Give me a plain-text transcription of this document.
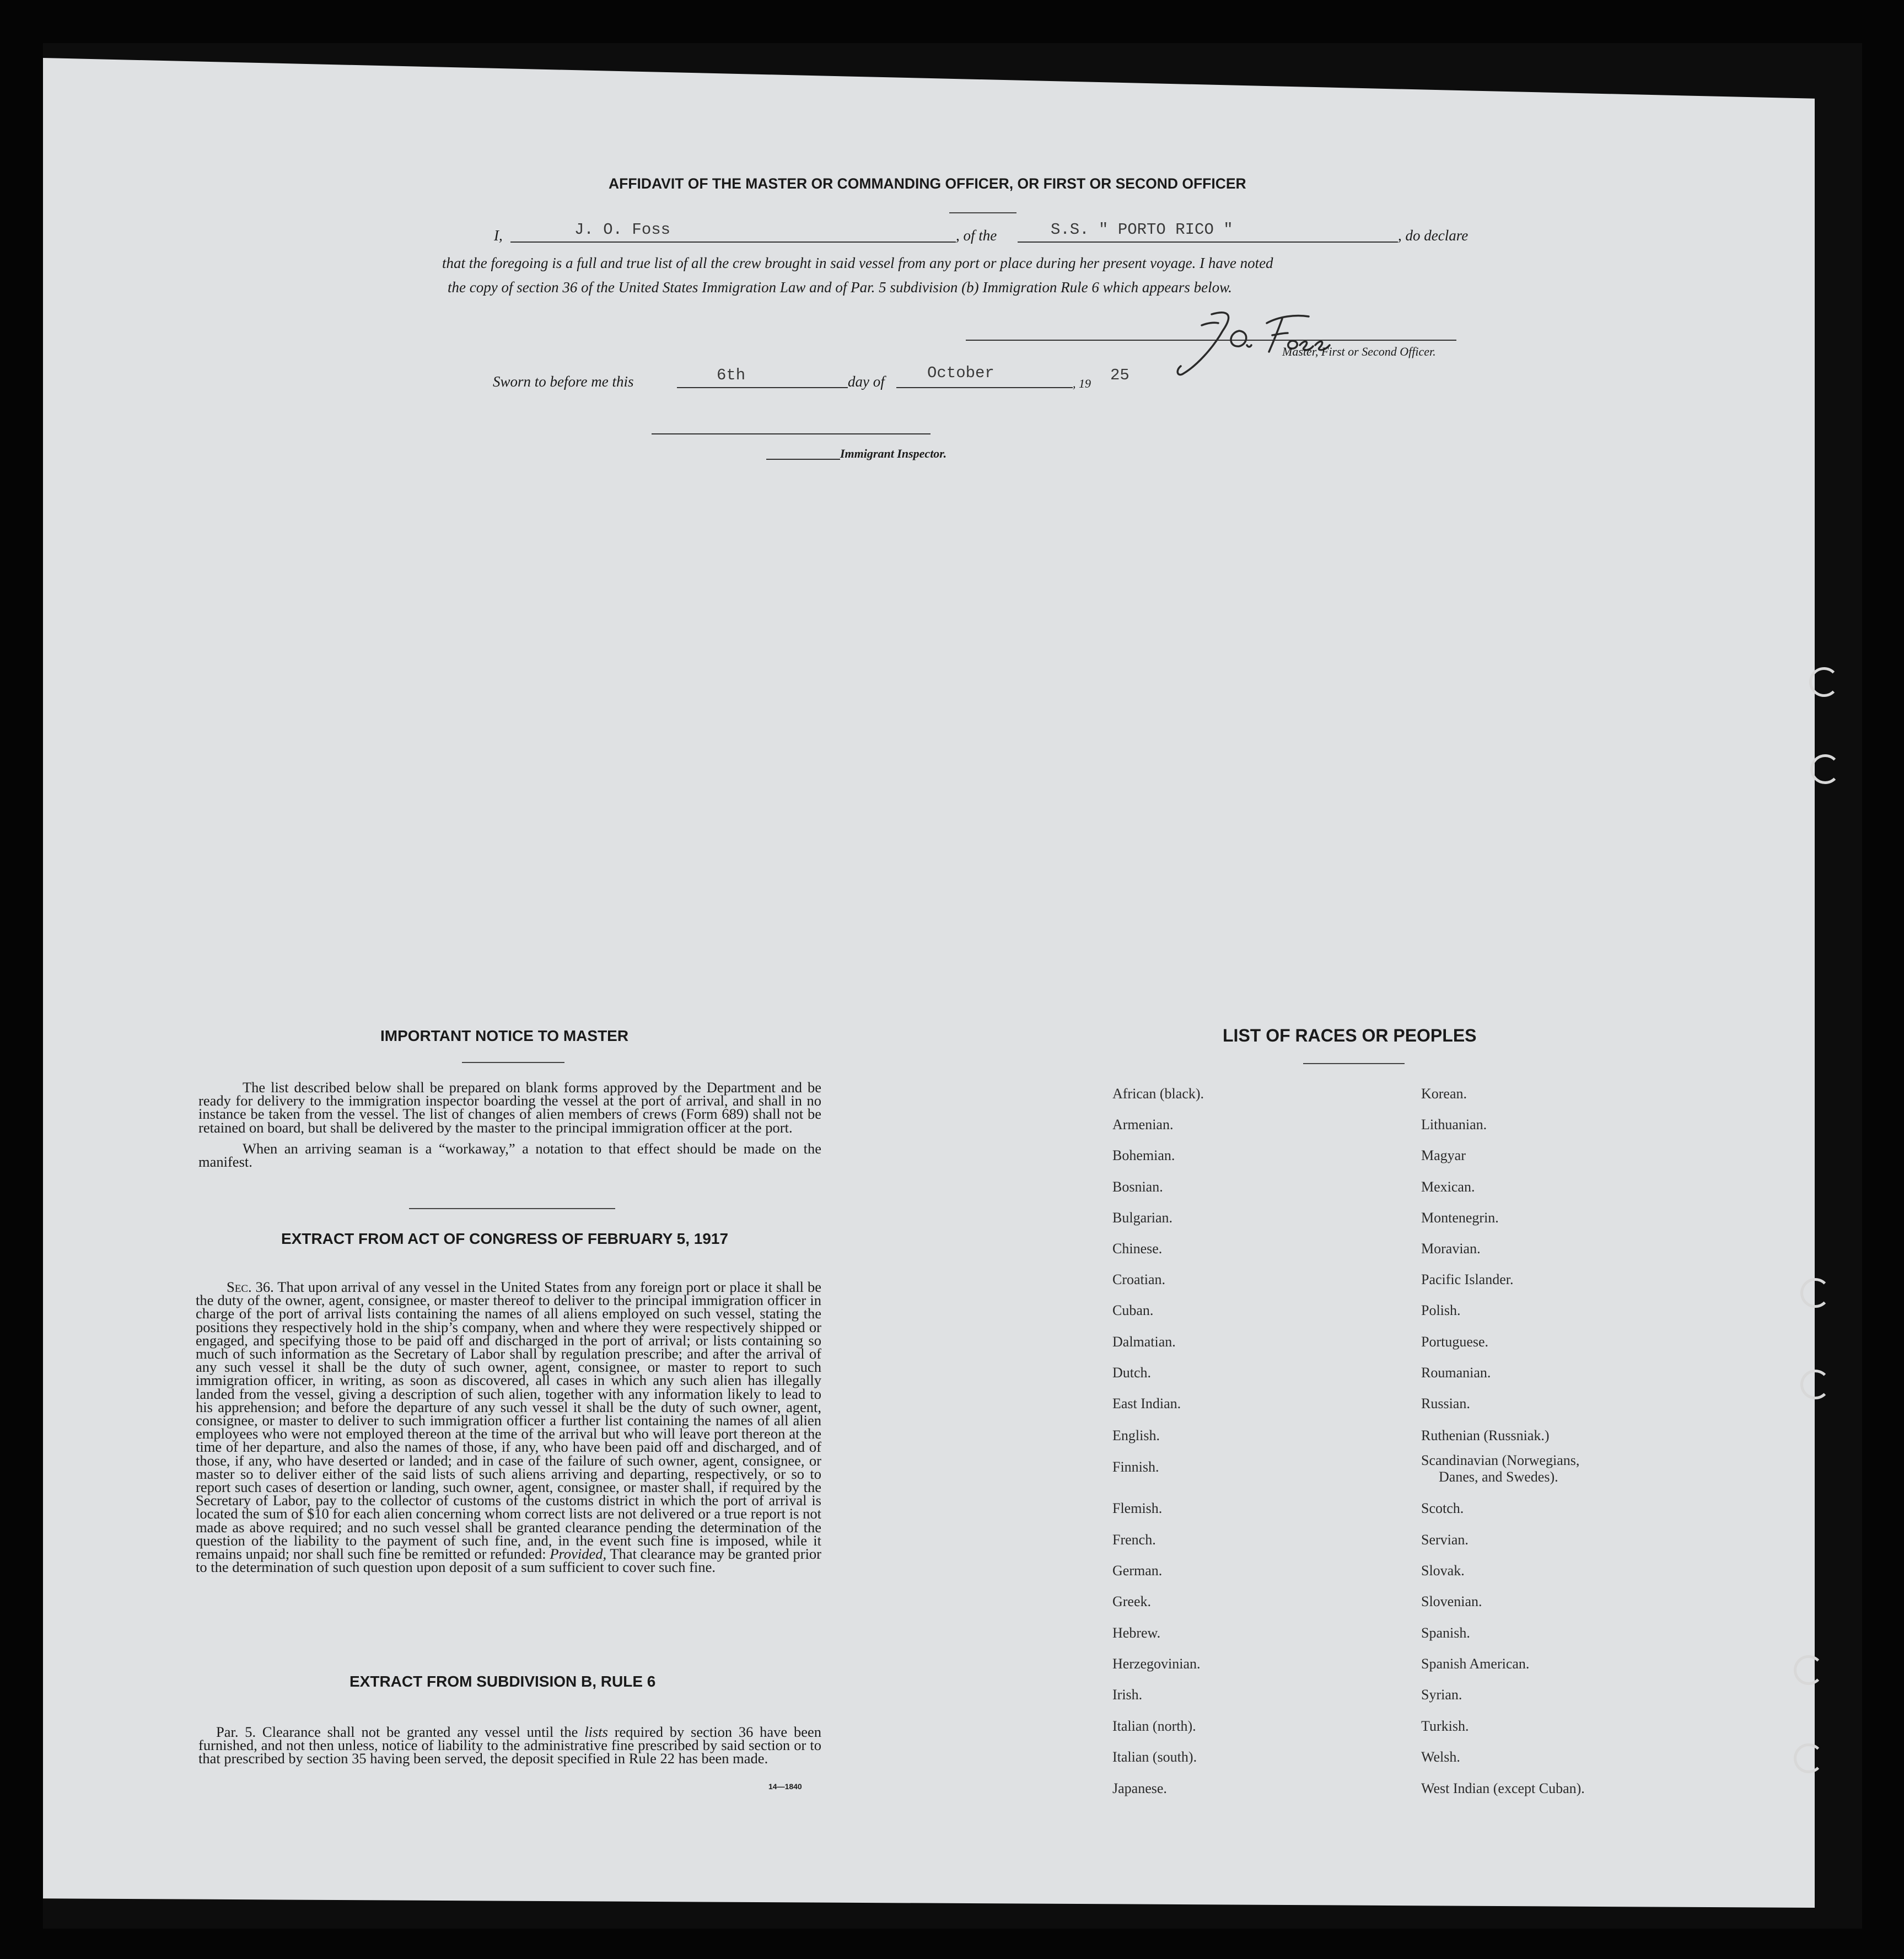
AFFIDAVIT OF THE MASTER OR COMMANDING OFFICER, OR FIRST OR SECOND OFFICER
I,	J. O. Foss	, of the	S.S. " PORTO RICO "	, do declare
that the foregoing is a full and true list of all the crew brought in said vessel from any port or place during her present voyage. I have noted
the copy of section 36 of the United States Immigration Law and of Par. 5 subdivision (b) Immigration Rule 6 which appears below.
Master, First or Second Officer.
Sworn to before me this	6th	day of	October
, 19 25
Immigrant Inspector.
IMPORTANT NOTICE TO MASTER

The list described below shall be prepared on blank forms approved by the Department and be ready for delivery to the immigration inspector boarding the vessel at the port of arrival, and shall in no instance be taken from the vessel. The list of changes of alien members of crews (Form 689) shall not be retained on board, but shall be delivered by the master to the principal immigration officer at the port.

When an arriving seaman is a “workaway,” a notation to that effect should be made on the manifest.

EXTRACT FROM ACT OF CONGRESS OF FEBRUARY 5, 1917

Sec. 36. That upon arrival of any vessel in the United States from any foreign port or place it shall be the duty of the owner, agent, consignee, or master thereof to deliver to the principal immigration officer in charge of the port of arrival lists containing the names of all aliens employed on such vessel, stating the positions they respectively hold in the ship’s company, when and where they were respectively shipped or engaged, and specifying those to be paid off and discharged in the port of arrival; or lists containing so much of such information as the Secretary of Labor shall by regulation prescribe; and after the arrival of any such vessel it shall be the duty of such owner, agent, consignee, or master to report to such immigration officer, in writing, as soon as discovered, all cases in which any such alien has illegally landed from the vessel, giving a description of such alien, together with any information likely to lead to his apprehension; and before the departure of any such vessel it shall be the duty of such owner, agent, consignee, or master to deliver to such immigration officer a further list containing the names of all alien employees who were not employed thereon at the time of the arrival but who will leave port thereon at the time of her departure, and also the names of those, if any, who have been paid off and discharged, and of those, if any, who have deserted or landed; and in case of the failure of such owner, agent, consignee, or master so to deliver either of the said lists of such aliens arriving and departing, respectively, or so to report such cases of desertion or landing, such owner, agent, consignee, or master shall, if required by the Secretary of Labor, pay to the collector of customs of the customs district in which the port of arrival is located the sum of $10 for each alien concerning whom correct lists are not delivered or a true report is not made as above required; and no such vessel shall be granted clearance pending the determination of the question of the liability to the payment of such fine, and, in the event such fine is imposed, while it remains unpaid; nor shall such fine be remitted or refunded: Provided, That clearance may be granted prior to the determination of such question upon deposit of a sum sufficient to cover such fine.

EXTRACT FROM SUBDIVISION B, RULE 6

Par. 5. Clearance shall not be granted any vessel until the lists required by section 36 have been furnished, and not then unless, notice of liability to the administrative fine prescribed by said section or to that prescribed by section 35 having been served, the deposit specified in Rule 22 has been made.

14—1840
LIST OF RACES OR PEOPLES
African (black).
Armenian.
Bohemian.
Bosnian.
Bulgarian.
Chinese.
Croatian.
Cuban.
Dalmatian.
Dutch.
East Indian.
English.
Finnish.
Flemish.
French.
German.
Greek.
Hebrew.
Herzegovinian.
Irish.
Italian (north).
Italian (south).
Japanese.
Korean.
Lithuanian.
Magyar
Mexican.
Montenegrin.
Moravian.
Pacific Islander.
Polish.
Portuguese.
Roumanian.
Russian.
Ruthenian (Russniak.)
Scandinavian (Norwegians,
Danes, and Swedes).
Scotch.
Servian.
Slovak.
Slovenian.
Spanish.
Spanish American.
Syrian.
Turkish.
Welsh.
West Indian (except Cuban).
